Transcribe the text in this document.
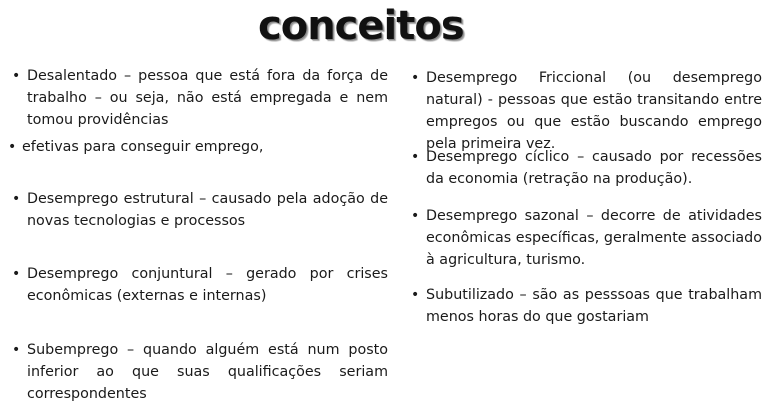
conceitos
• Desalentado – pessoa que está fora da força de trabalho – ou seja, não está empregada e nem tomou providências
• efetivas para conseguir emprego,
• Desemprego estrutural – causado pela adoção de novas tecnologias e processos
• Desemprego conjuntural – gerado por crises econômicas (externas e internas)
• Subemprego – quando alguém está num posto inferior ao que suas qualificações seriam correspondentes
• Desemprego Friccional (ou desemprego natural) - pessoas que estão transitando entre empregos ou que estão buscando emprego pela primeira vez.
• Desemprego cíclico – causado por recessões da economia (retração na produção).
• Desemprego sazonal – decorre de atividades econômicas específicas, geralmente associado à agricultura, turismo.
• Subutilizado – são as pesssoas que trabalham menos horas do que gostariam
